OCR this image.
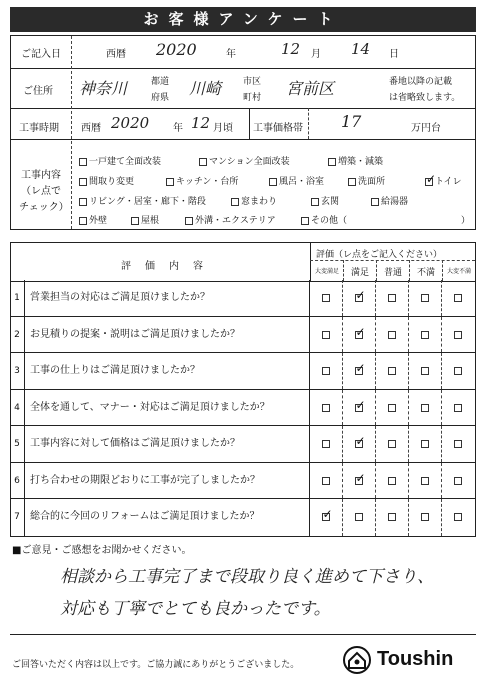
お客様アンケート
ご記入日	西暦 2020	年	12 月 14 日
ご住所 神奈川	都道
府県 川崎 市区
町村 宮前区	番地以降の記載
は省略致します。
工事時期 西暦 2020 年 12 月頃 工事価格帯 17	万円台
工事内容
（レ点で
チェック）
一戸建て全面改装	マンション全面改装	増築・減築
間取り変更	キッチン・台所	風呂・浴室	洗面所
✓	トイレ
リビング・居室・廊下・階段	窓まわり	玄関	給湯器
外壁	屋根	外溝・エクステリア	その他（	）
評　価　内　容
評価（レ点をご記入ください）
大変満足	満足	普通	不満	大変不満
1	営業担当の対応はご満足頂けましたか？
✓
2	お見積りの提案・説明はご満足頂けましたか？
✓
3	工事の仕上りはご満足頂けましたか？
✓
4	全体を通して、マナー・対応はご満足頂けましたか？
✓
5	工事内容に対して価格はご満足頂けましたか？
✓
6	打ち合わせの期限どおりに工事が完了しましたか？
✓
7	総合的に今回のリフォームはご満足頂けましたか？
✓
■ご意見・ご感想をお聞かせください。
相談から工事完了まで段取り良く進めて下さり、
対応も丁寧でとても良かったです。
ご回答いただく内容は以上です。ご協力誠にありがとうございました。	Toushin
